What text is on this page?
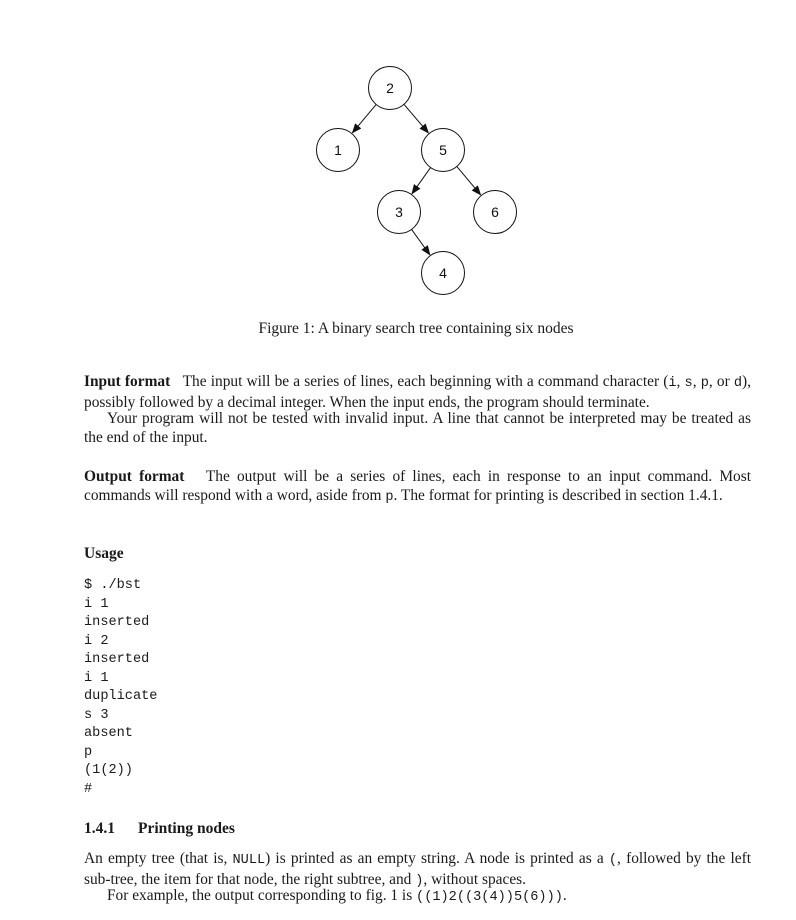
2
1	5
3	6
4
Figure 1: A binary search tree containing six nodes
Input format The input will be a series of lines, each beginning with a command character (i, s, p, or d), possibly followed by a decimal integer. When the input ends, the program should terminate.
Your program will not be tested with invalid input. A line that cannot be interpreted may be treated as the end of the input.
Output format The output will be a series of lines, each in response to an input command. Most commands will respond with a word, aside from p. The format for printing is described in section 1.4.1.
Usage
$ ./bst
i 1
inserted
i 2
inserted
i 1
duplicate
s 3
absent
p
(1(2))
#
1.4.1 Printing nodes
An empty tree (that is, NULL) is printed as an empty string. A node is printed as a (, followed by the left sub-tree, the item for that node, the right subtree, and ), without spaces.
For example, the output corresponding to fig. 1 is ((1)2((3(4))5(6))).
